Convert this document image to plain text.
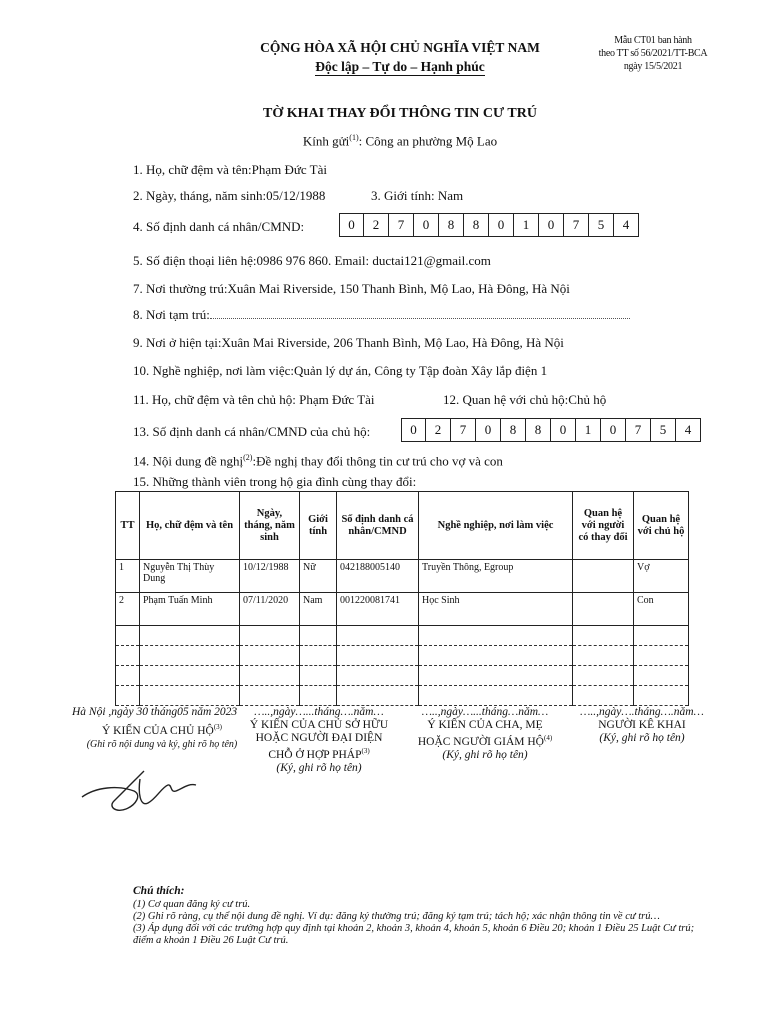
CỘNG HÒA XÃ HỘI CHỦ NGHĨA VIỆT NAM
Độc lập – Tự do – Hạnh phúc
Mẫu CT01 ban hành
theo TT số 56/2021/TT-BCA
ngày 15/5/2021
TỜ KHAI THAY ĐỔI THÔNG TIN CƯ TRÚ
Kính gửi$^{(1)}$: Công an phường Mộ Lao
1. Họ, chữ đệm và tên:Phạm Đức Tài
2. Ngày, tháng, năm sinh:05/12/1988	3. Giới tính: Nam
4. Số định danh cá nhân/CMND:	0	2	7	0	8	8	0	1	0	7	5	4
5. Số điện thoại liên hệ:0986 976 860. Email: ductai121@gmail.com
7. Nơi thường trú:Xuân Mai Riverside, 150 Thanh Bình, Mộ Lao, Hà Đông, Hà Nội
8. Nơi tạm trú:
9. Nơi ở hiện tại:Xuân Mai Riverside, 206 Thanh Bình, Mộ Lao, Hà Đông, Hà Nội
10. Nghề nghiệp, nơi làm việc:Quản lý dự án, Công ty Tập đoàn Xây lắp điện 1
11. Họ, chữ đệm và tên chủ hộ: Phạm Đức Tài	12. Quan hệ với chủ hộ:Chủ hộ
13. Số định danh cá nhân/CMND của chủ hộ:	0	2	7	0	8	8	0	1	0	7	5	4
14. Nội dung đề nghị$^{(2)}$:Đề nghị thay đổi thông tin cư trú cho vợ và con
15. Những thành viên trong hộ gia đình cùng thay đổi:
TT	Họ, chữ đệm và tên	Ngày, tháng, năm sinh	Giới tính	Số định danh cá nhân/CMND	Nghề nghiệp, nơi làm việc	Quan hệ với người có thay đổi	Quan hệ với chủ hộ
1	Nguyễn Thị Thùy Dung	10/12/1988	Nữ	042188005140	Truyền Thông, Egroup		Vợ
2	Phạm Tuấn Minh	07/11/2020	Nam	001220081741	Học Sinh		Con

Hà Nội ,ngày 30 tháng05 năm 2023
Ý KIẾN CỦA CHỦ HỘ$^{(3)}$
(Ghi rõ nội dung và ký, ghi rõ họ tên)
…..,ngày…...tháng….năm…
Ý KIẾN CỦA CHỦ SỞ HỮU HOẶC NGƯỜI ĐẠI DIỆN CHỖ Ở HỢP PHÁP$^{(3)}$
(Ký, ghi rõ họ tên)
…..,ngày…...tháng…năm…
Ý KIẾN CỦA CHA, MẸ HOẶC NGƯỜI GIÁM HỘ$^{(4)}$
(Ký, ghi rõ họ tên)
…..,ngày….tháng….năm…
NGƯỜI KÊ KHAI
(Ký, ghi rõ họ tên)
Chú thích:
(1) Cơ quan đăng ký cư trú.
(2) Ghi rõ ràng, cụ thể nội dung đề nghị. Ví dụ: đăng ký thường trú; đăng ký tạm trú; tách hộ; xác nhận thông tin về cư trú…
(3) Áp dụng đối với các trường hợp quy định tại khoản 2, khoản 3, khoản 4, khoản 5, khoản 6 Điều 20; khoản 1 Điều 25 Luật Cư trú; điểm a khoản 1 Điều 26 Luật Cư trú.
